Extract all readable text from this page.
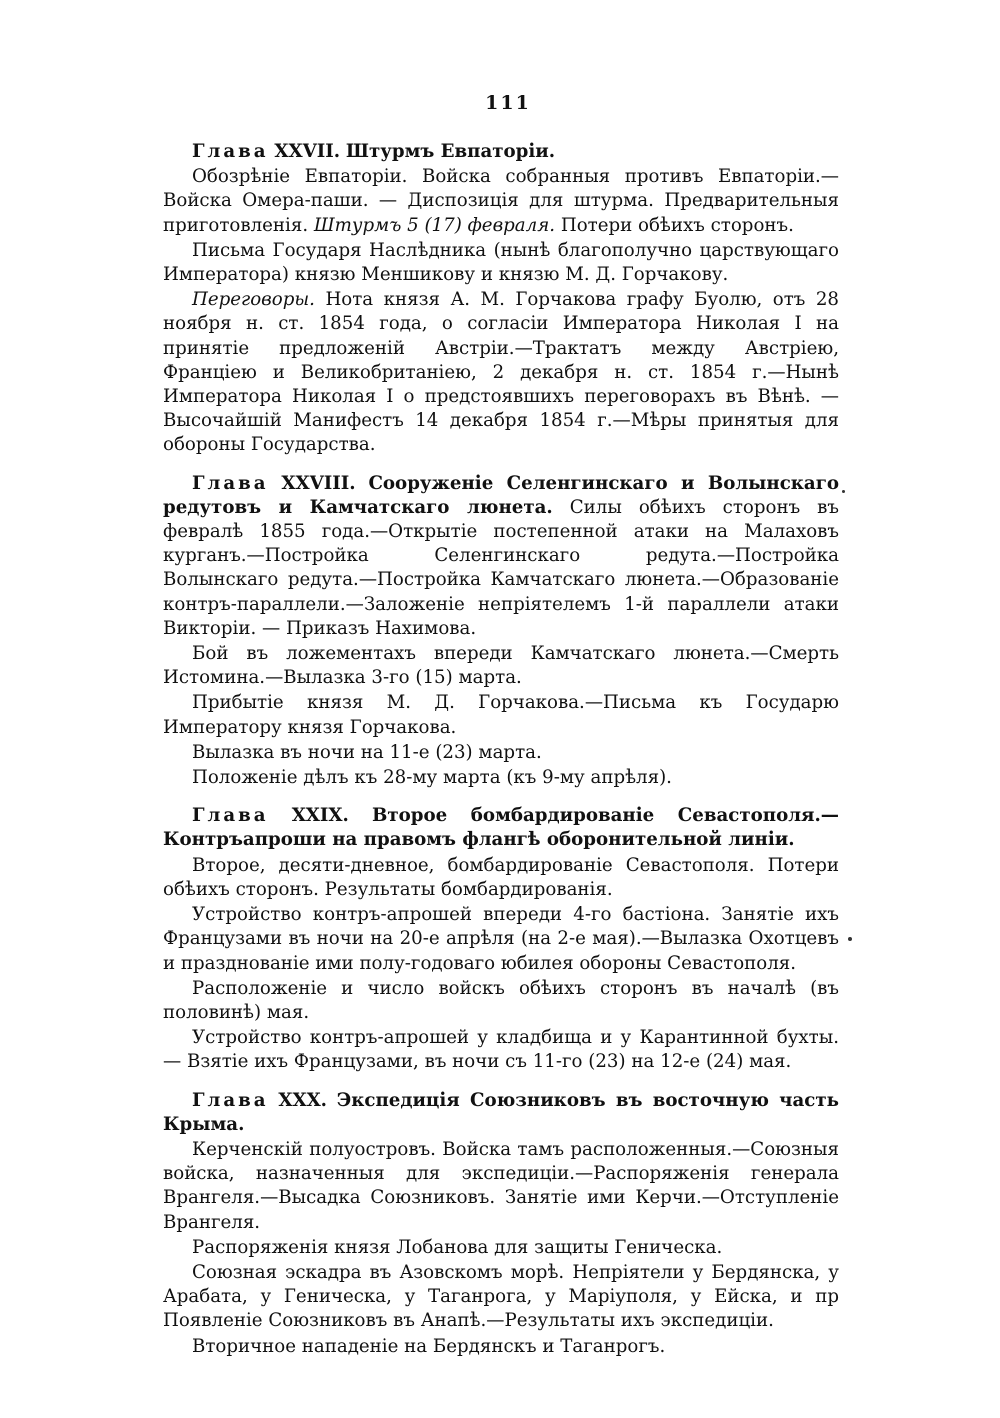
111

Глава XXVII. Штурмъ Евпаторіи.

Обозрѣніе Евпаторіи. Войска собранныя противъ Евпаторіи.— Войска Омера-паши. — Диспозиція для штурма. Предварительныя приготовленія. Штурмъ 5 (17) февраля. Потери обѣихъ сторонъ.

Письма Государя Наслѣдника (нынѣ благополучно царствующаго Императора) князю Меншикову и князю М. Д. Горчакову.

Переговоры. Нота князя А. М. Горчакова графу Буолю, отъ 28 ноября н. ст. 1854 года, о согласіи Императора Николая I на принятіе предложеній Австріи.—Трактатъ между Австріею, Франціею и Великобританіею, 2 декабря н. ст. 1854 г.—Нынѣ Императора Николая I о предстоявшихъ переговорахъ въ Вѣнѣ. —Высочайшій Манифестъ 14 декабря 1854 г.—Мѣры принятыя для обороны Государства.

Глава XXVIII. Сооруженіе Селенгинскаго и Волынскаго редутовъ и Камчатскаго люнета. Силы обѣихъ сторонъ въ февралѣ 1855 года.—Открытіе постепенной атаки на Малаховъ курганъ.—Постройка Селенгинскаго редута.—Постройка Волынскаго редута.—Постройка Камчатскаго люнета.—Образованіе контръ-параллели.—Заложеніе непріятелемъ 1-й параллели атаки Викторіи. — Приказъ Нахимова.

Бой въ ложементахъ впереди Камчатскаго люнета.—Смерть Истомина.—Вылазка 3-го (15) марта.

Прибытіе князя М. Д. Горчакова.—Письма къ Государю Императору князя Горчакова.

Вылазка въ ночи на 11-е (23) марта.

Положеніе дѣлъ къ 28-му марта (къ 9-му апрѣля).

Глава XXIX. Второе бомбардированіе Севастополя.—Контръапроши на правомъ флангѣ оборонительной линіи.

Второе, десяти-дневное, бомбардированіе Севастополя. Потери обѣихъ сторонъ. Результаты бомбардированія.

Устройство контръ-апрошей впереди 4-го бастіона. Занятіе ихъ Французами въ ночи на 20-е апрѣля (на 2-е мая).—Вылазка Охотцевъ и празднованіе ими полу-годоваго юбилея обороны Севастополя.

Расположеніе и число войскъ обѣихъ сторонъ въ началѣ (въ половинѣ) мая.

Устройство контръ-апрошей у кладбища и у Карантинной бухты.— Взятіе ихъ Французами, въ ночи съ 11-го (23) на 12-е (24) мая.

Глава XXX. Экспедиція Союзниковъ въ восточную часть Крыма.

Керченскій полуостровъ. Войска тамъ расположенныя.—Союзныя войска, назначенныя для экспедиціи.—Распоряженія генерала Врангеля.—Высадка Союзниковъ. Занятіе ими Керчи.—Отступленіе Врангеля.

Распоряженія князя Лобанова для защиты Геническа.

Союзная эскадра въ Азовскомъ морѣ. Непріятели у Бердянска, у Арабата, у Геническа, у Таганрога, у Маріуполя, у Ейска, и пр Появленіе Союзниковъ въ Анапѣ.—Результаты ихъ экспедиціи.

Вторичное нападеніе на Бердянскъ и Таганрогъ.
